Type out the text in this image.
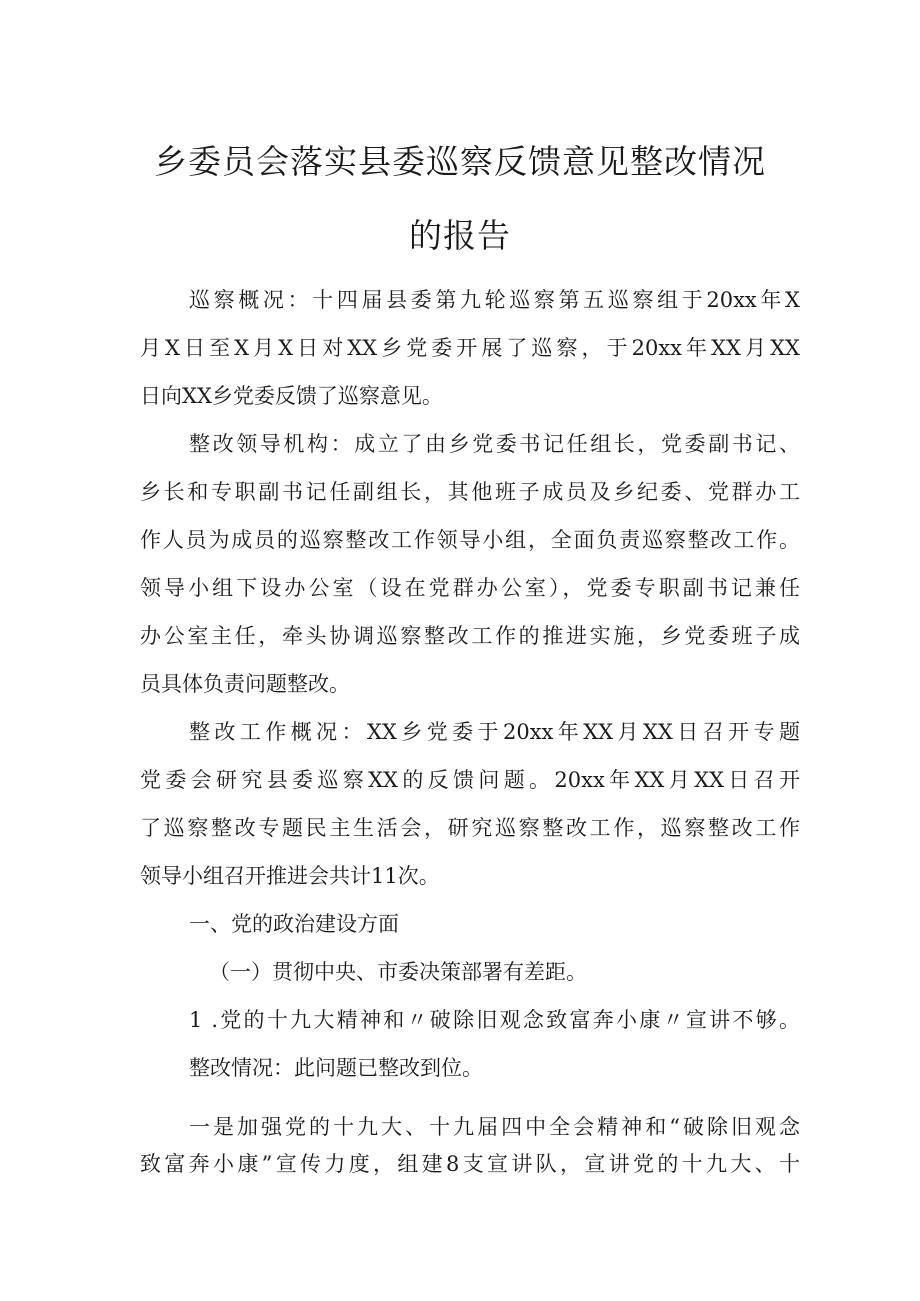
乡委员会落实县委巡察反馈意见整改情况
的报告
巡察概况：十四届县委第九轮巡察第五巡察组于20xx年X
月X日至X月X日对XX乡党委开展了巡察，于20xx年XX月XX
日向XX乡党委反馈了巡察意见。
整改领导机构：成立了由乡党委书记任组长，党委副书记、
乡长和专职副书记任副组长，其他班子成员及乡纪委、党群办工
作人员为成员的巡察整改工作领导小组，全面负责巡察整改工作。
领导小组下设办公室（设在党群办公室），党委专职副书记兼任
办公室主任，牵头协调巡察整改工作的推进实施，乡党委班子成
员具体负责问题整改。
整改工作概况：XX乡党委于20xx年XX月XX日召开专题
党委会研究县委巡察XX的反馈问题。20xx年XX月XX日召开
了巡察整改专题民主生活会，研究巡察整改工作，巡察整改工作
领导小组召开推进会共计11次。
一、党的政治建设方面
（一）贯彻中央、市委决策部署有差距。
1 .党的十九大精神和〃破除旧观念致富奔小康〃宣讲不够。
整改情况：此问题已整改到位。
一是加强党的十九大、十九届四中全会精神和“破除旧观念
致富奔小康”宣传力度，组建8支宣讲队，宣讲党的十九大、十
